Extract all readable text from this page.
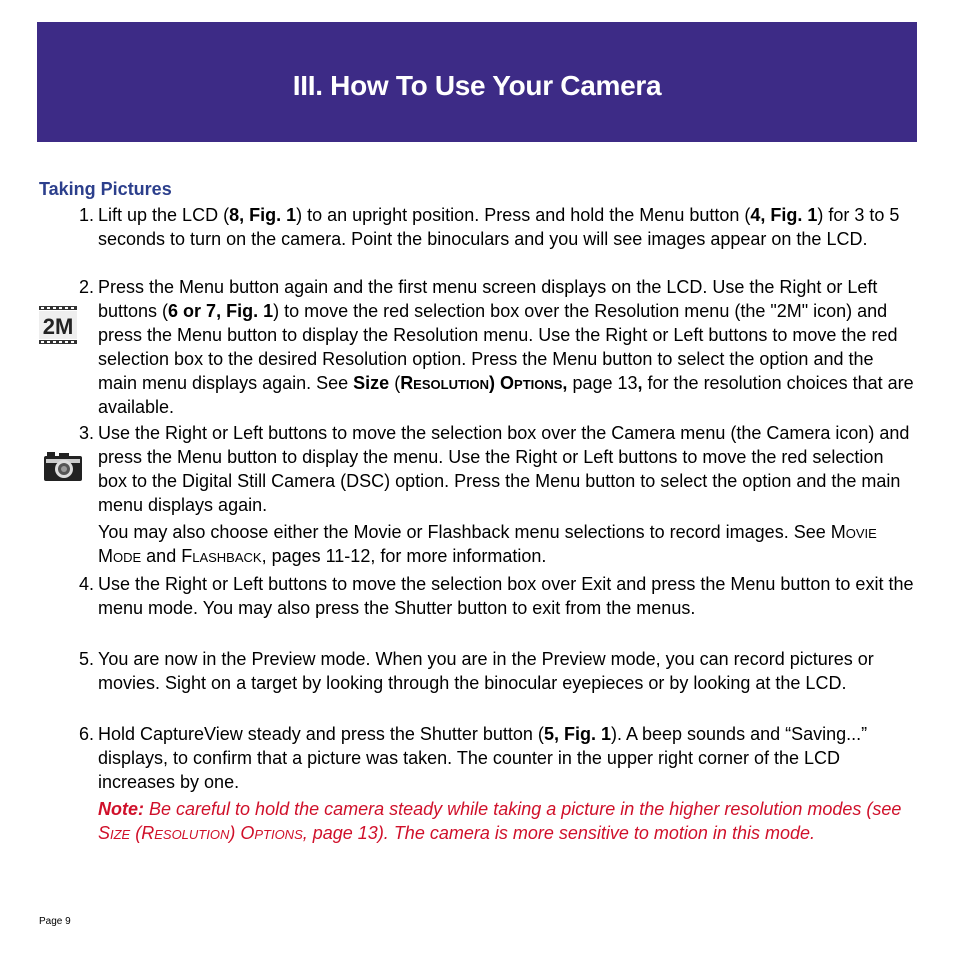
III. How To Use Your Camera
Taking Pictures
2M
1. Lift up the LCD (8, Fig. 1) to an upright position. Press and hold the Menu button (4, Fig. 1) for 3 to 5 seconds to turn on the camera. Point the binoculars and you will see images appear on the LCD.
2. Press the Menu button again and the first menu screen displays on the LCD. Use the Right or Left buttons (6 or 7, Fig. 1) to move the red selection box over the Resolution menu (the "2M" icon) and press the Menu button to display the Resolution menu. Use the Right or Left buttons to move the red selection box to the desired Resolution option. Press the Menu button to select the option and the main menu displays again. See Size (Resolution) Options, page 13, for the resolution choices that are available.
3. Use the Right or Left buttons to move the selection box over the Camera menu (the Camera icon) and press the Menu button to display the menu. Use the Right or Left buttons to move the red selection box to the Digital Still Camera (DSC) option. Press the Menu button to select the option and the main menu displays again.
You may also choose either the Movie or Flashback menu selections to record images. See Movie Mode and Flashback, pages 11-12, for more information.
4. Use the Right or Left buttons to move the selection box over Exit and press the Menu button to exit the menu mode. You may also press the Shutter button to exit from the menus.
5. You are now in the Preview mode. When you are in the Preview mode, you can record pictures or movies. Sight on a target by looking through the binocular eyepieces or by looking at the LCD.
6. Hold CaptureView steady and press the Shutter button (5, Fig. 1). A beep sounds and “Saving...” displays, to confirm that a picture was taken. The counter in the upper right corner of the LCD increases by one.
Note: Be careful to hold the camera steady while taking a picture in the higher resolution modes (see Size (Resolution) Options, page 13). The camera is more sensitive to motion in this mode.
Page 9
